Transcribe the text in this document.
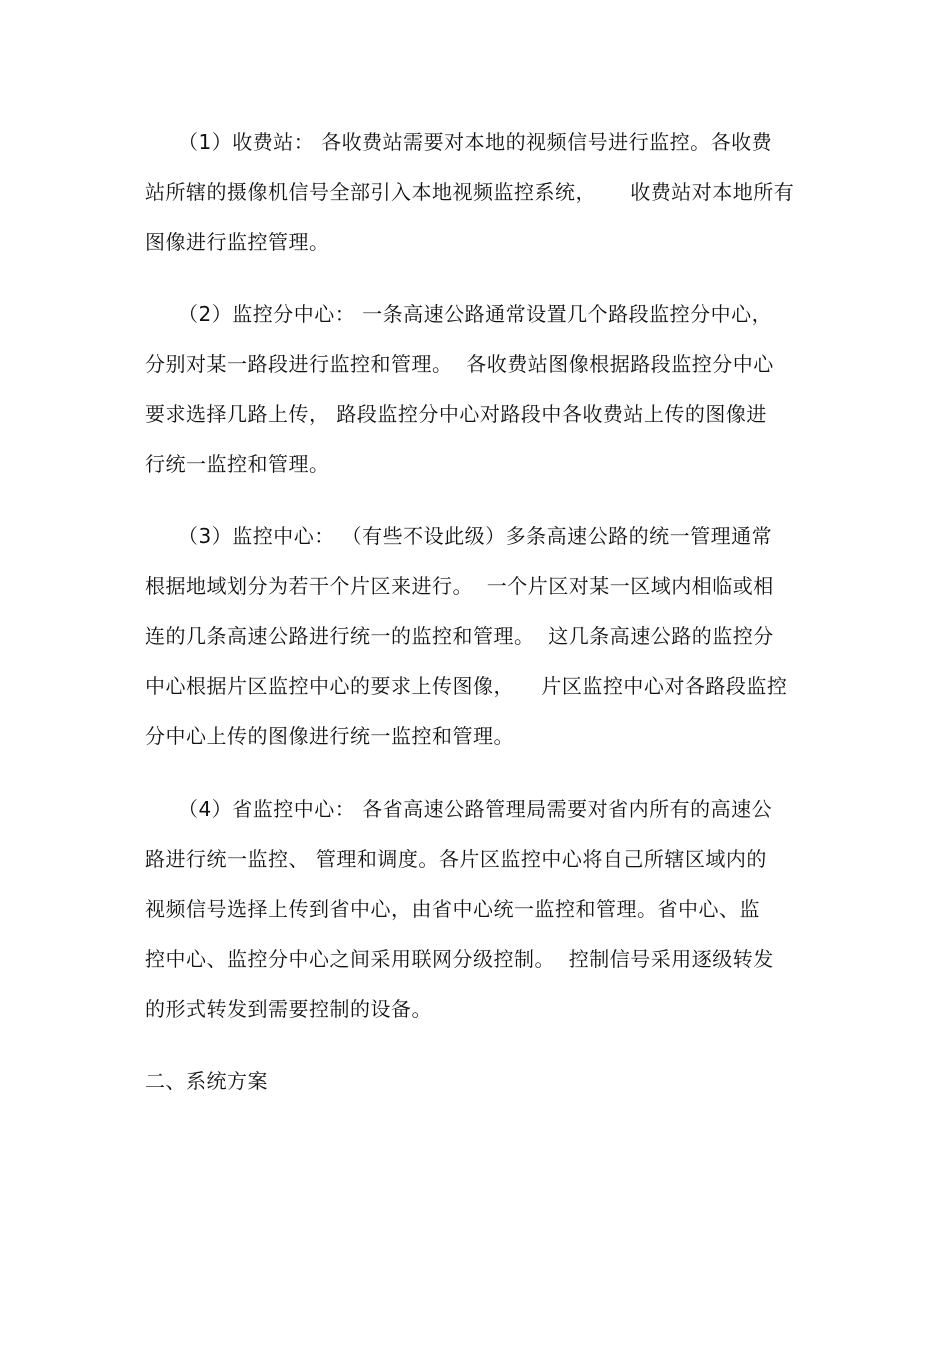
（1）收费站： 各收费站需要对本地的视频信号进行监控。各收费
站所辖的摄像机信号全部引入本地视频监控系统，     收费站对本地所有
图像进行监控管理。
（2）监控分中心： 一条高速公路通常设置几个路段监控分中心，
分别对某一路段进行监控和管理。  各收费站图像根据路段监控分中心
要求选择几路上传， 路段监控分中心对路段中各收费站上传的图像进
行统一监控和管理。
（3）监控中心： （有些不设此级）多条高速公路的统一管理通常
根据地域划分为若干个片区来进行。  一个片区对某一区域内相临或相
连的几条高速公路进行统一的监控和管理。  这几条高速公路的监控分
中心根据片区监控中心的要求上传图像，    片区监控中心对各路段监控
分中心上传的图像进行统一监控和管理。
（4）省监控中心： 各省高速公路管理局需要对省内所有的高速公
路进行统一监控、 管理和调度。各片区监控中心将自己所辖区域内的
视频信号选择上传到省中心，由省中心统一监控和管理。省中心、监
控中心、监控分中心之间采用联网分级控制。  控制信号采用逐级转发
的形式转发到需要控制的设备。
二、系统方案
